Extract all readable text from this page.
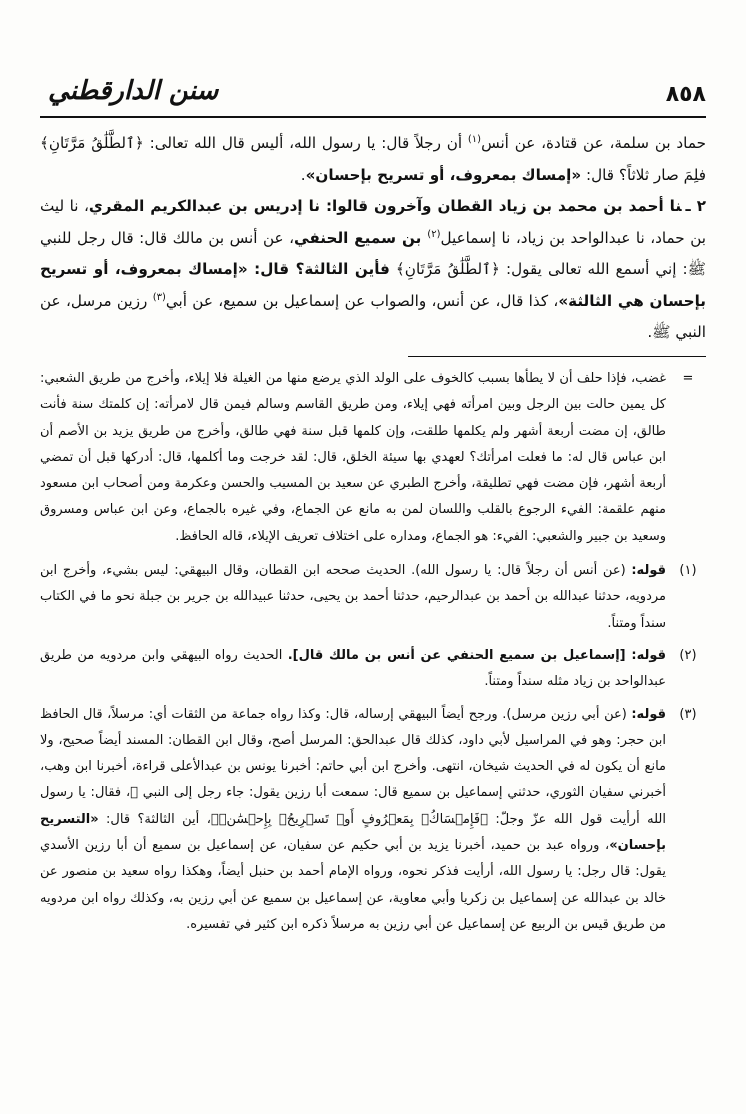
٨٥٨
سنن الدارقطني

حماد بن سلمة، عن قتادة، عن أنس$^{(١)}$ أن رجلاً قال: يا رسول الله، أليس قال الله تعالى: ﴿ٱلطَّلَٰقُ مَرَّتَانِ﴾ فلِمَ صار ثلاثاً؟ قال: «إمساك بمعروف، أو تسريح بإحسان».

٢ ـنا أحمد بن محمد بن زياد القطان وآخرون قالوا: نا إدريس بن عبدالكريم المقري، نا ليث بن حماد، نا عبدالواحد بن زياد، نا إسماعيل$^{(٢)}$ بن سميع الحنفي، عن أنس بن مالك قال: قال رجل للنبي ﷺ: إني أسمع الله تعالى يقول: ﴿ٱلطَّلَٰقُ مَرَّتَانِ﴾ فأين الثالثة؟ قال: «إمساك بمعروف، أو تسريح بإحسان هي الثالثة»، كذا قال، عن أنس، والصواب عن إسماعيل بن سميع، عن أبي$^{(٣)}$ رزين مرسل، عن النبي ﷺ.

=
غضب، فإذا حلف أن لا يطأها بسبب كالخوف على الولد الذي يرضع منها من الغيلة فلا إيلاء، وأخرج من طريق الشعبي: كل يمين حالت بين الرجل وبين امرأته فهي إيلاء، ومن طريق القاسم وسالم فيمن قال لامرأته: إن كلمتك سنة فأنت طالق، إن مضت أربعة أشهر ولم يكلمها طلقت، وإن كلمها قبل سنة فهي طالق، وأخرج من طريق يزيد بن الأصم أن ابن عباس قال له: ما فعلت امرأتك؟ لعهدي بها سيئة الخلق، قال: لقد خرجت وما أكلمها، قال: أدركها قبل أن تمضي أربعة أشهر، فإن مضت فهي تطليقة، وأخرج الطبري عن سعيد بن المسيب والحسن وعكرمة ومن أصحاب ابن مسعود منهم علقمة: الفيء الرجوع بالقلب واللسان لمن به مانع عن الجماع، وفي غيره بالجماع، وعن ابن عباس ومسروق وسعيد بن جبير والشعبي: الفيء: هو الجماع، ومداره على اختلاف تعريف الإيلاء، قاله الحافظ.
(١)
قوله: (عن أنس أن رجلاً قال: يا رسول الله). الحديث صححه ابن القطان، وقال البيهقي: ليس بشيء، وأخرج ابن مردويه، حدثنا عبدالله بن أحمد بن عبدالرحيم، حدثنا أحمد بن يحيى، حدثنا عبيدالله بن جرير بن جبلة نحو ما في الكتاب سنداً ومتناً.
(٢)
قوله: [إسماعيل بن سميع الحنفي عن أنس بن مالك قال]. الحديث رواه البيهقي وابن مردويه من طريق عبدالواحد بن زياد مثله سنداً ومتناً.
(٣)
قوله: (عن أبي رزين مرسل). ورجح أيضاً البيهقي إرساله، قال: وكذا رواه جماعة من الثقات أي: مرسلاً، قال الحافظ ابن حجر: وهو في المراسيل لأبي داود، كذلك قال عبدالحق: المرسل أصح، وقال ابن القطان: المسند أيضاً صحيح، ولا مانع أن يكون له في الحديث شيخان، انتهى. وأخرج ابن أبي حاتم: أخبرنا يونس بن عبدالأعلى قراءة، أخبرنا ابن وهب، أخبرني سفيان الثوري، حدثني إسماعيل بن سميع قال: سمعت أبا رزين يقول: جاء رجل إلى النبي ﷺ، فقال: يا رسول الله أرأيت قول الله عزّ وجلّ: ﴿فَإِمۡسَاكُۢ بِمَعۡرُوفٍ أَوۡ تَسۡرِيحُۢ بِإِحۡسَٰنٖ﴾، أين الثالثة؟ قال: «التسريح بإحسان»، ورواه عبد بن حميد، أخبرنا يزيد بن أبي حكيم عن سفيان، عن إسماعيل بن سميع أن أبا رزين الأسدي يقول: قال رجل: يا رسول الله، أرأيت فذكر نحوه، ورواه الإمام أحمد بن حنبل أيضاً، وهكذا رواه سعيد بن منصور عن خالد بن عبدالله عن إسماعيل بن زكريا وأبي معاوية، عن إسماعيل بن سميع عن أبي رزين به، وكذلك رواه ابن مردويه من طريق قيس بن الربيع عن إسماعيل عن أبي رزين به مرسلاً ذكره ابن كثير في تفسيره.
